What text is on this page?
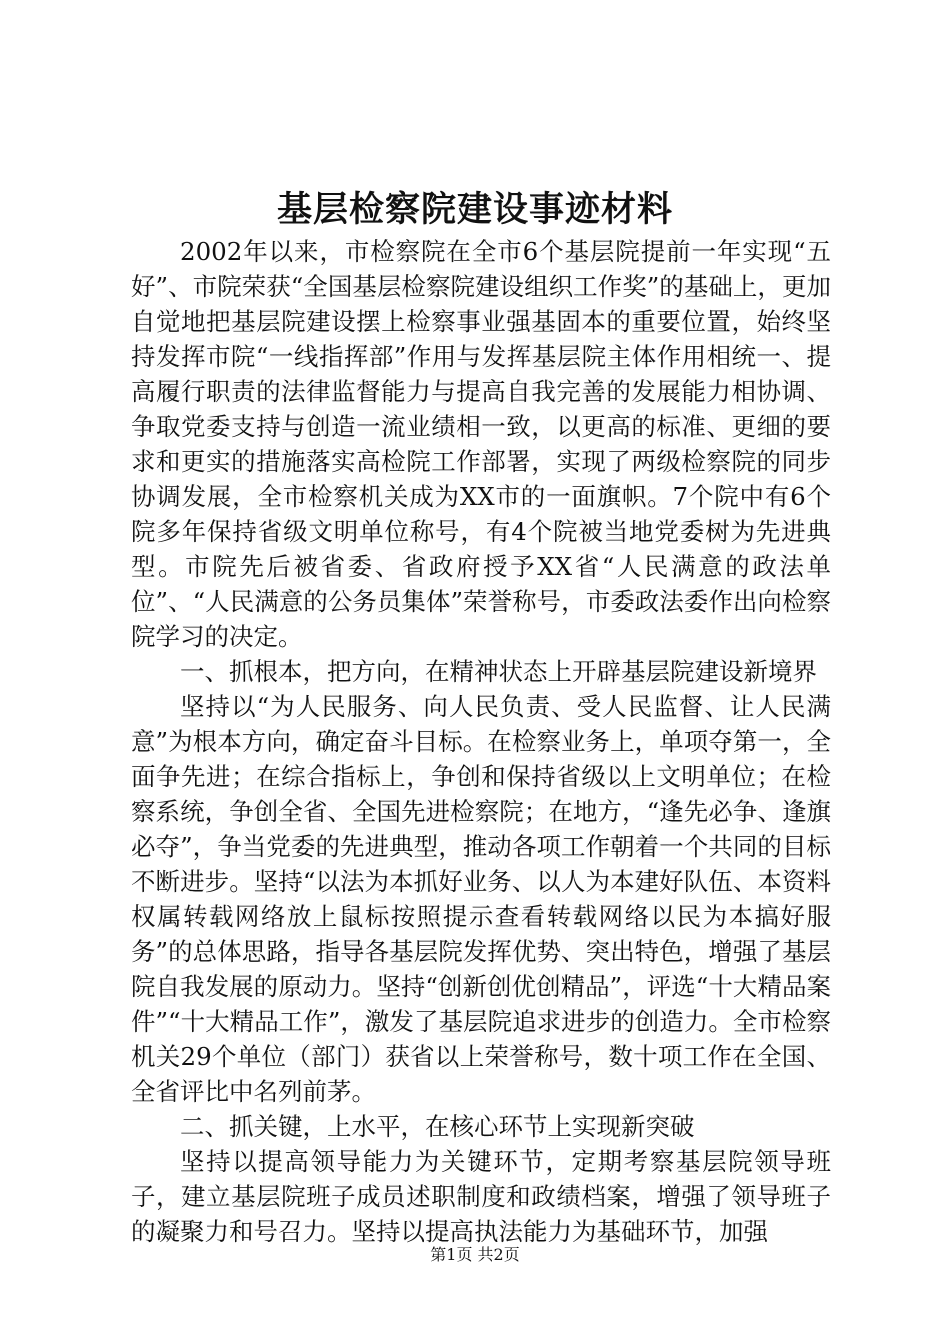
基层检察院建设事迹材料

2002年以来，市检察院在全市6个基层院提前一年实现“五好”、市院荣获“全国基层检察院建设组织工作奖”的基础上，更加自觉地把基层院建设摆上检察事业强基固本的重要位置，始终坚持发挥市院“一线指挥部”作用与发挥基层院主体作用相统一、提高履行职责的法律监督能力与提高自我完善的发展能力相协调、争取党委支持与创造一流业绩相一致，以更高的标准、更细的要求和更实的措施落实高检院工作部署，实现了两级检察院的同步协调发展，全市检察机关成为XX市的一面旗帜。7个院中有6个院多年保持省级文明单位称号，有4个院被当地党委树为先进典型。市院先后被省委、省政府授予XX省“人民满意的政法单位”、“人民满意的公务员集体”荣誉称号，市委政法委作出向检察院学习的决定。

一、抓根本，把方向，在精神状态上开辟基层院建设新境界

坚持以“为人民服务、向人民负责、受人民监督、让人民满意”为根本方向，确定奋斗目标。在检察业务上，单项夺第一，全面争先进；在综合指标上，争创和保持省级以上文明单位；在检察系统，争创全省、全国先进检察院；在地方，“逢先必争、逢旗必夺”，争当党委的先进典型，推动各项工作朝着一个共同的目标不断进步。坚持“以法为本抓好业务、以人为本建好队伍、本资料权属转载网络放上鼠标按照提示查看转载网络以民为本搞好服务”的总体思路，指导各基层院发挥优势、突出特色，增强了基层院自我发展的原动力。坚持“创新创优创精品”，评选“十大精品案件”“十大精品工作”，激发了基层院追求进步的创造力。全市检察机关29个单位（部门）获省以上荣誉称号，数十项工作在全国、全省评比中名列前茅。

二、抓关键，上水平，在核心环节上实现新突破

坚持以提高领导能力为关键环节，定期考察基层院领导班子，建立基层院班子成员述职制度和政绩档案，增强了领导班子的凝聚力和号召力。坚持以提高执法能力为基础环节，加强

第1页 共2页
